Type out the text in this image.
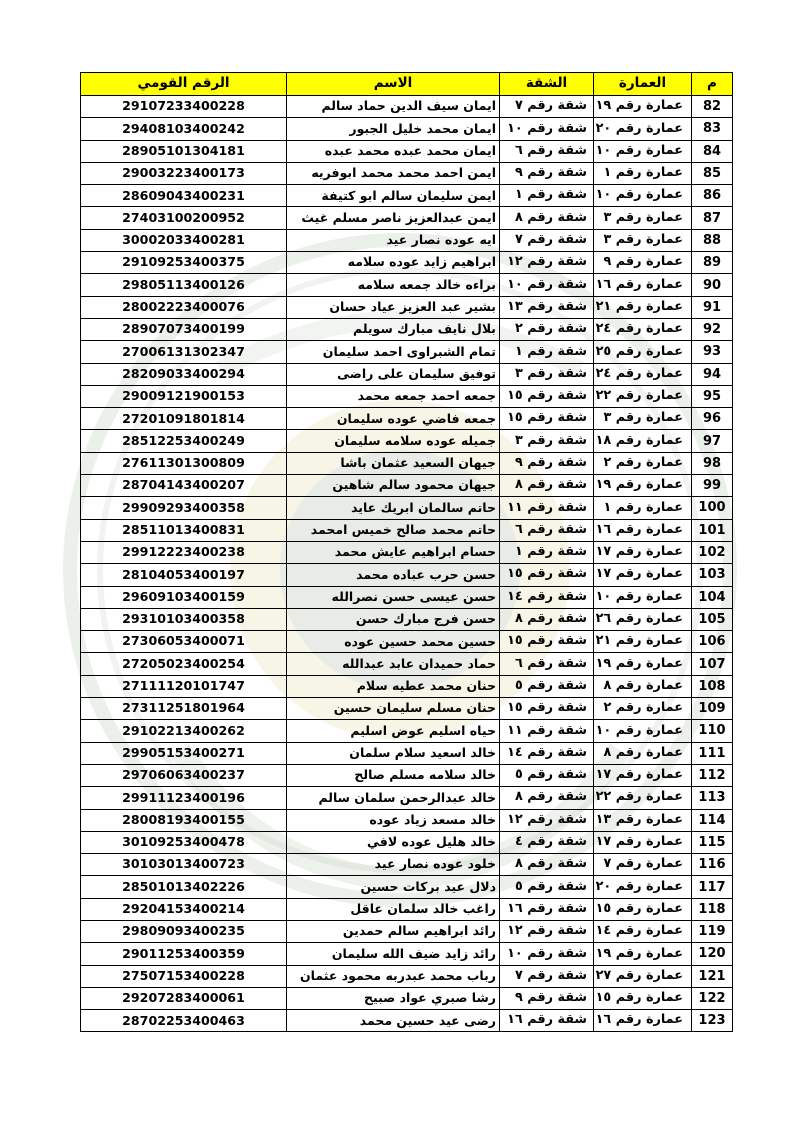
م	العمارة	الشقة	الاسم	الرقم القومي
82	عمارة رقم ١٩	شقة رقم ٧	ايمان سيف الدين حماد سالم	29107233400228
83	عمارة رقم ٢٠	شقة رقم ١٠	ايمان محمد خليل الجبور	29408103400242
84	عمارة رقم ١٠	شقة رقم ٦	ايمان محمد عبده محمد عبده	28905101304181
85	عمارة رقم ١	شقة رقم ٩	ايمن احمد محمد محمد ابوفريه	29003223400173
86	عمارة رقم ١٠	شقة رقم ١	ايمن سليمان سالم ابو كتيفة	28609043400231
87	عمارة رقم ٣	شقة رقم ٨	ايمن عبدالعزيز ناصر مسلم غيث	27403100200952
88	عمارة رقم ٣	شقة رقم ٧	ايه عوده نصار عيد	30002033400281
89	عمارة رقم ٩	شقة رقم ١٢	ابراهيم زايد عوده سلامه	29109253400375
90	عمارة رقم ١٦	شقة رقم ١٠	براءه خالد جمعه سلامه	29805113400126
91	عمارة رقم ٢١	شقة رقم ١٣	بشير عبد العزيز عياد حسان	28002223400076
92	عمارة رقم ٢٤	شقة رقم ٢	بلال نايف مبارك سويلم	28907073400199
93	عمارة رقم ٢٥	شقة رقم ١	تمام الشبراوى احمد سليمان	27006131302347
94	عمارة رقم ٢٤	شقة رقم ٣	توفيق سليمان على راضى	28209033400294
95	عمارة رقم ٢٢	شقة رقم ١٥	جمعه احمد جمعه محمد	29009121900153
96	عمارة رقم ٣	شقة رقم ١٥	جمعه فاضي عوده سليمان	27201091801814
97	عمارة رقم ١٨	شقة رقم ٣	جميله عوده سلامه سليمان	28512253400249
98	عمارة رقم ٢	شقة رقم ٩	جيهان السعيد عثمان باشا	27611301300809
99	عمارة رقم ١٩	شقة رقم ٨	جيهان محمود سالم شاهين	28704143400207
100	عمارة رقم ١	شقة رقم ١١	حاتم سالمان ابريك عايد	29909293400358
101	عمارة رقم ١٦	شقة رقم ٦	حاتم محمد صالح خميس امحمد	28511013400831
102	عمارة رقم ١٧	شقة رقم ١	حسام ابراهيم عايش محمد	29912223400238
103	عمارة رقم ١٧	شقة رقم ١٥	حسن حرب عباده محمد	28104053400197
104	عمارة رقم ١٠	شقة رقم ١٤	حسن عيسى حسن نصرالله	29609103400159
105	عمارة رقم ٢٦	شقة رقم ٨	حسن فرج مبارك حسن	29310103400358
106	عمارة رقم ٢١	شقة رقم ١٥	حسين محمد حسين عوده	27306053400071
107	عمارة رقم ١٩	شقة رقم ٦	حماد حميدان عابد عبدالله	27205023400254
108	عمارة رقم ٨	شقة رقم ٥	حنان محمد عطيه سلام	27111120101747
109	عمارة رقم ٢	شقة رقم ١٥	حنان مسلم سليمان حسين	27311251801964
110	عمارة رقم ١٠	شقة رقم ١١	حياه اسليم عوض اسليم	29102213400262
111	عمارة رقم ٨	شقة رقم ١٤	خالد اسعيد سلام سلمان	29905153400271
112	عمارة رقم ١٧	شقة رقم ٥	خالد سلامه مسلم صالح	29706063400237
113	عمارة رقم ٢٢	شقة رقم ٨	خالد عبدالرحمن سلمان سالم	29911123400196
114	عمارة رقم ١٣	شقة رقم ١٢	خالد مسعد زياد عوده	28008193400155
115	عمارة رقم ١٧	شقة رقم ٤	خالد هليل عوده لافي	30109253400478
116	عمارة رقم ٧	شقة رقم ٨	خلود عوده نصار عيد	30103013400723
117	عمارة رقم ٢٠	شقة رقم ٥	دلال عيد بركات حسين	28501013402226
118	عمارة رقم ١٥	شقة رقم ١٦	راغب خالد سلمان عاقل	29204153400214
119	عمارة رقم ١٤	شقة رقم ١٢	رائد ابراهيم سالم حمدين	29809093400235
120	عمارة رقم ١٩	شقة رقم ١٠	رائد زايد ضيف الله سليمان	29011253400359
121	عمارة رقم ٢٧	شقة رقم ٧	رباب محمد عبدربه محمود عثمان	27507153400228
122	عمارة رقم ١٥	شقة رقم ٩	رشا صبري عواد صبيح	29207283400061
123	عمارة رقم ١٦	شقة رقم ١٦	رضى عيد حسين محمد	28702253400463
